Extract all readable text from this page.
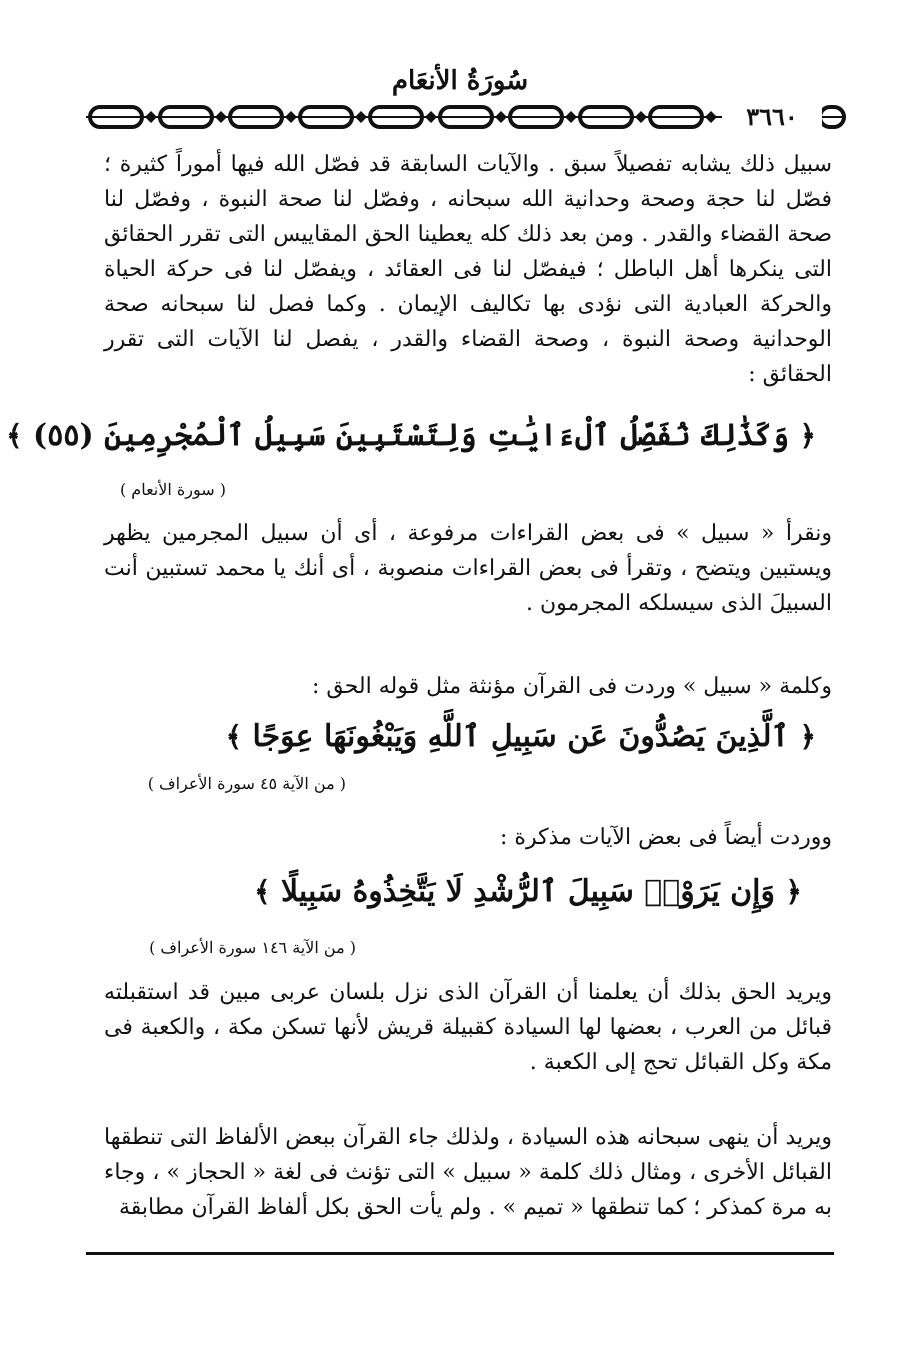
سُورَةُ الأنعَام
٣٦٦٠

سبيل ذلك يشابه تفصيلاً سبق . والآيات السابقة قد فصّل الله فيها أموراً كثيرة ؛ فصّل لنا حجة وصحة وحدانية الله سبحانه ، وفصّل لنا صحة النبوة ، وفصّل لنا صحة القضاء والقدر . ومن بعد ذلك كله يعطينا الحق المقاييس التى تقرر الحقائق التى ينكرها أهل الباطل ؛ فيفصّل لنا فى العقائد ، ويفصّل لنا فى حركة الحياة والحركة العبادية التى نؤدى بها تكاليف الإيمان . وكما فصل لنا سبحانه صحة الوحدانية وصحة النبوة ، وصحة القضاء والقدر ، يفصل لنا الآيات التى تقرر الحقائق :

﴿ وَكَذَٰلِكَ نُفَصِّلُ ٱلْءَايَٰتِ وَلِتَسْتَبِينَ سَبِيلُ ٱلْمُجْرِمِينَ (٥٥) ﴾
( سورة الأنعام )

ونقرأ « سبيل » فى بعض القراءات مرفوعة ، أى أن سبيل المجرمين يظهر ويستبين ويتضح ، وتقرأ فى بعض القراءات منصوبة ، أى أنك يا محمد تستبين أنت السبيلَ الذى سيسلكه المجرمون .

وكلمة « سبيل » وردت فى القرآن مؤنثة مثل قوله الحق :

﴿ ٱلَّذِينَ يَصُدُّونَ عَن سَبِيلِ ٱللَّهِ وَيَبْغُونَهَا عِوَجًا ﴾
( من الآية ٤٥ سورة الأعراف )

ووردت أيضاً فى بعض الآيات مذكرة :

﴿ وَإِن يَرَوْا۟ سَبِيلَ ٱلرُّشْدِ لَا يَتَّخِذُوهُ سَبِيلًا ﴾
( من الآية ١٤٦ سورة الأعراف )

ويريد الحق بذلك أن يعلمنا أن القرآن الذى نزل بلسان عربى مبين قد استقبلته قبائل من العرب ، بعضها لها السيادة كقبيلة قريش لأنها تسكن مكة ، والكعبة فى مكة وكل القبائل تحج إلى الكعبة .

ويريد أن ينهى سبحانه هذه السيادة ، ولذلك جاء القرآن ببعض الألفاظ التى تنطقها القبائل الأخرى ، ومثال ذلك كلمة « سبيل » التى تؤنث فى لغة « الحجاز » ، وجاء به مرة كمذكر ؛ كما تنطقها « تميم » . ولم يأت الحق بكل ألفاظ القرآن مطابقة
